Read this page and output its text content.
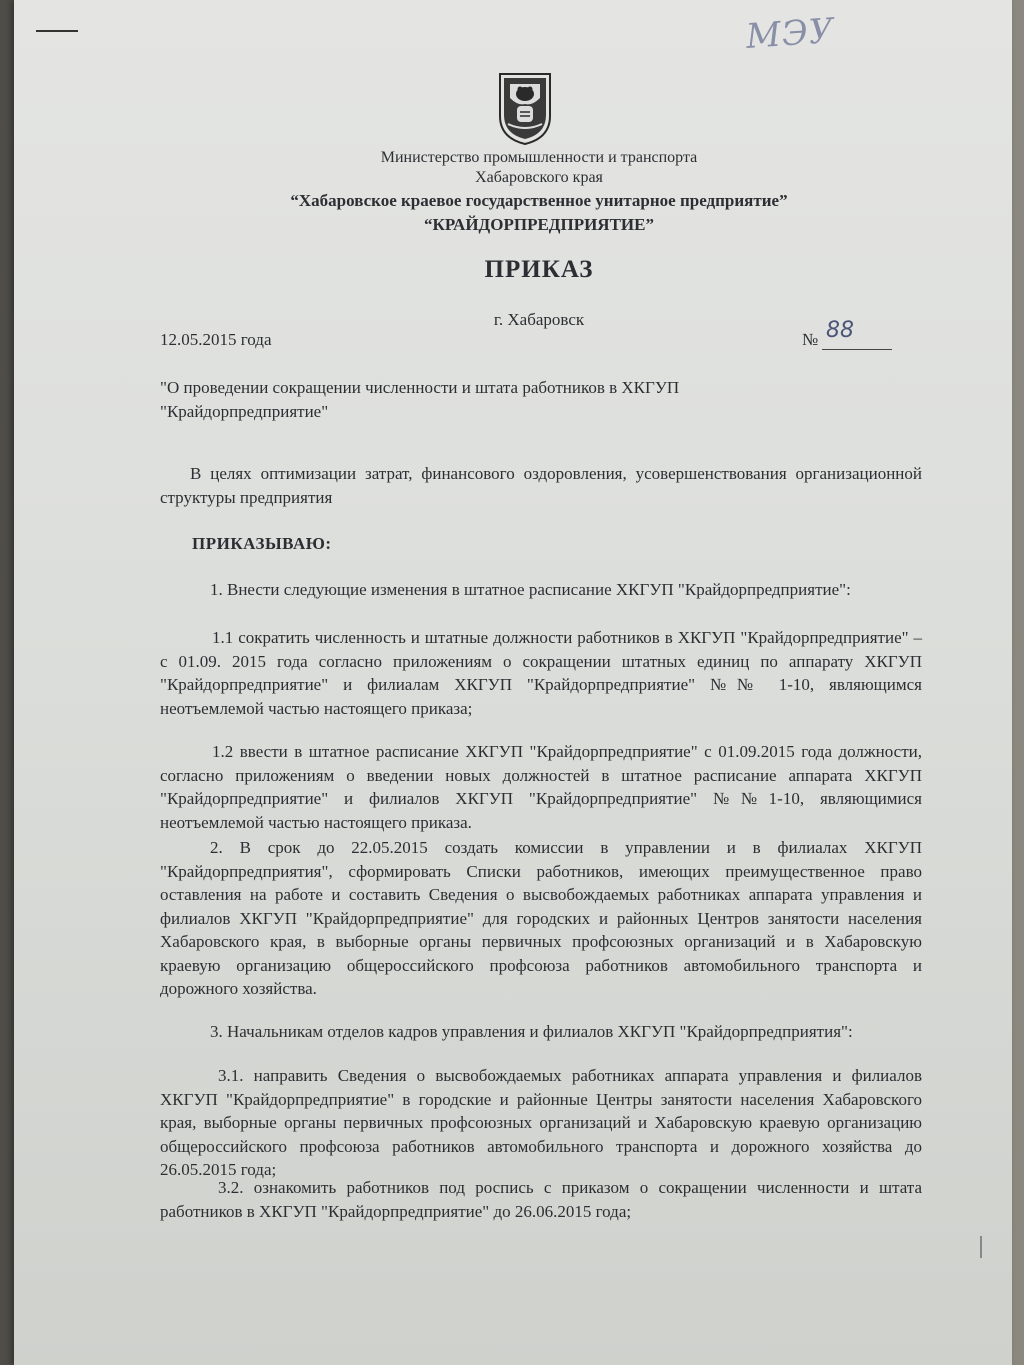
МЭУ
Министерство промышленности и транспорта
Хабаровского края
“Хабаровское краевое государственное унитарное предприятие”
“КРАЙДОРПРЕДПРИЯТИЕ”
ПРИКАЗ
г. Хабаровск
12.05.2015 года	№ 88
"О проведении сокращении численности и штата работников в ХКГУП "Крайдорпредприятие"
В целях оптимизации затрат, финансового оздоровления, усовершенствования организационной структуры предприятия
ПРИКАЗЫВАЮ:
1. Внести следующие изменения в штатное расписание ХКГУП "Крайдорпредприятие":
1.1 сократить численность и штатные должности работников в ХКГУП "Крайдорпредприятие" – с 01.09. 2015 года согласно приложениям о сокращении штатных единиц по аппарату ХКГУП "Крайдорпредприятие" и филиалам ХКГУП "Крайдорпредприятие" №№ 1-10, являющимся неотъемлемой частью настоящего приказа;
1.2 ввести в штатное расписание ХКГУП "Крайдорпредприятие" с 01.09.2015 года должности, согласно приложениям о введении новых должностей в штатное расписание аппарата ХКГУП "Крайдорпредприятие" и филиалов ХКГУП "Крайдорпредприятие" №№1-10, являющимися неотъемлемой частью настоящего приказа.
2. В срок до 22.05.2015 создать комиссии в управлении и в филиалах ХКГУП "Крайдорпредприятия", сформировать Списки работников, имеющих преимущественное право оставления на работе и составить Сведения о высвобождаемых работниках аппарата управления и филиалов ХКГУП "Крайдорпредприятие" для городских и районных Центров занятости населения Хабаровского края, в выборные органы первичных профсоюзных организаций и в Хабаровскую краевую организацию общероссийского профсоюза работников автомобильного транспорта и дорожного хозяйства.
3. Начальникам отделов кадров управления и филиалов ХКГУП "Крайдорпредприятия":
3.1. направить Сведения о высвобождаемых работниках аппарата управления и филиалов ХКГУП "Крайдорпредприятие" в городские и районные Центры занятости населения Хабаровского края, выборные органы первичных профсоюзных организаций и Хабаровскую краевую организацию общероссийского профсоюза работников автомобильного транспорта и дорожного хозяйства до 26.05.2015 года;
3.2. ознакомить работников под роспись с приказом о сокращении численности и штата работников в ХКГУП "Крайдорпредприятие" до 26.06.2015 года;
